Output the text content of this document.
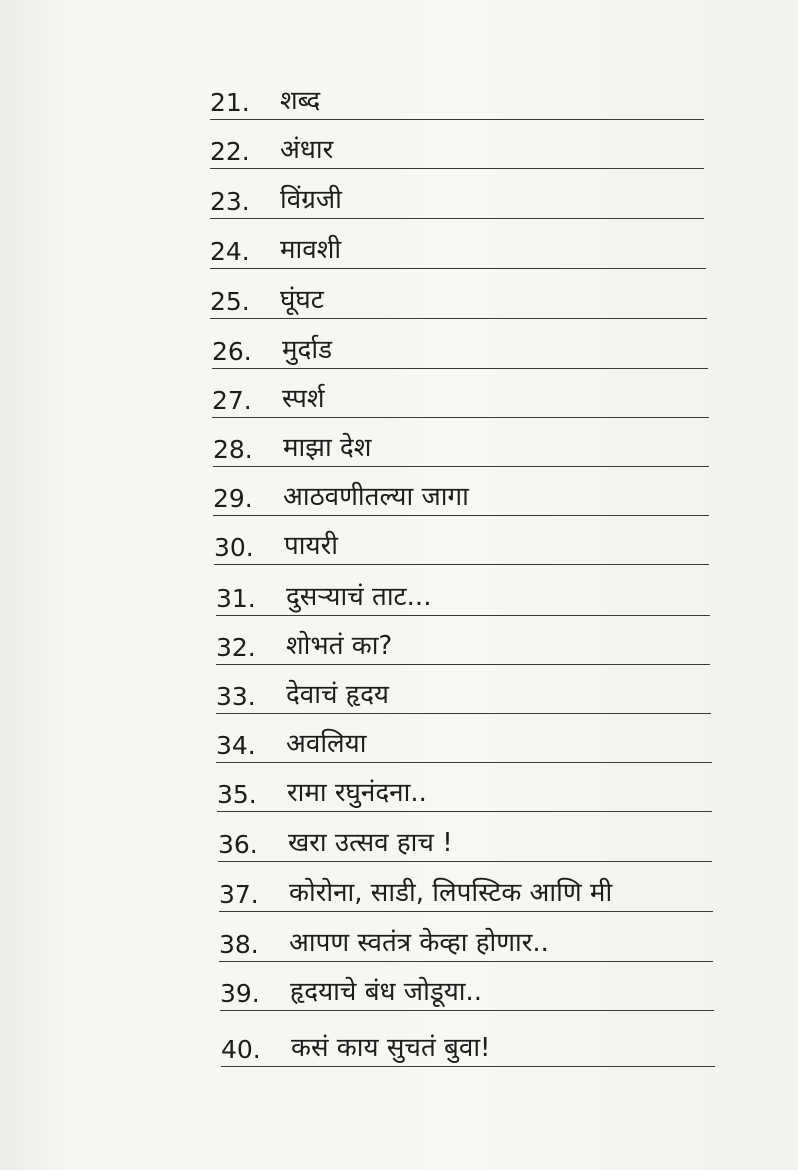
21.	शब्द
22.	अंधार
23.	विंग्रजी
24.	मावशी
25.	घूंघट
26.	मुर्दाड
27.	स्पर्श
28.	माझा देश
29.	आठवणीतल्या जागा
30.	पायरी
31.	दुसऱ्याचं ताट...
32.	शोभतं का?
33.	देवाचं हृदय
34.	अवलिया
35.	रामा रघुनंदना..
36.	खरा उत्सव हाच !
37.	कोरोना, साडी, लिपस्टिक आणि मी
38.	आपण स्वतंत्र केव्हा होणार..
39.	हृदयाचे बंध जोडूया..
40.	कसं काय सुचतं बुवा!
